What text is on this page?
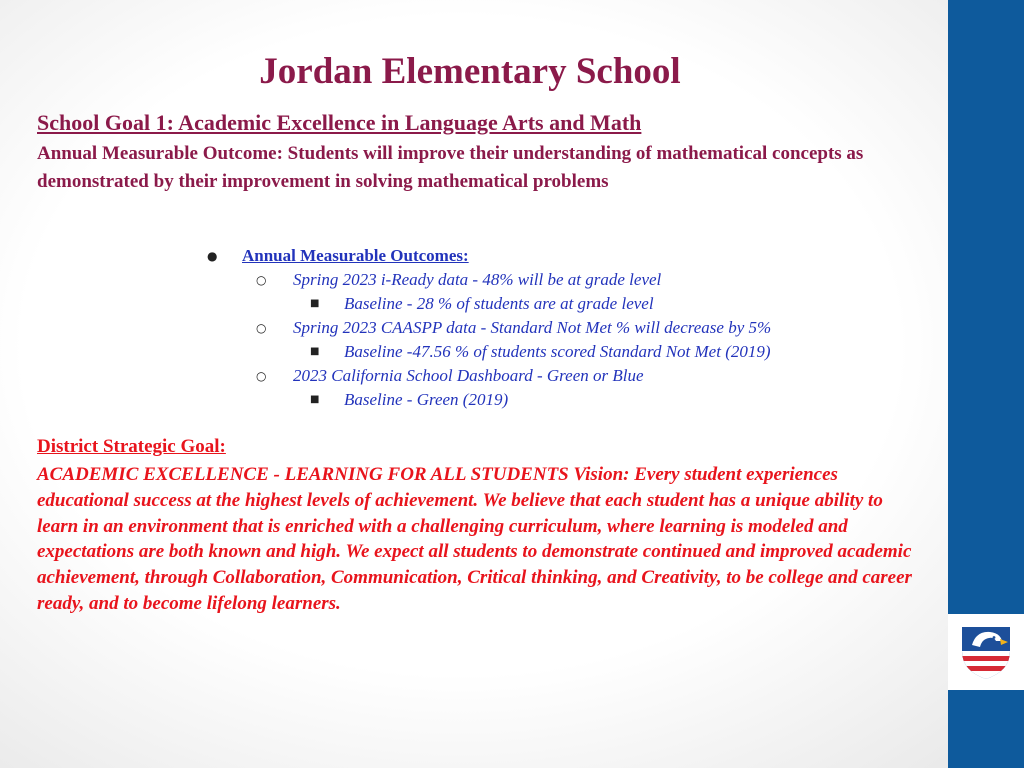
Jordan Elementary School
School Goal 1: Academic Excellence in Language Arts and Math
Annual Measurable Outcome: Students will improve their understanding of mathematical concepts as demonstrated by their improvement in solving mathematical problems
● Annual Measurable Outcomes:
○ Spring 2023 i-Ready data - 48% will be at grade level
■ Baseline - 28 % of students are at grade level
○ Spring 2023 CAASPP data - Standard Not Met % will decrease by 5%
■ Baseline -47.56 % of students scored Standard Not Met (2019)
○ 2023 California School Dashboard - Green or Blue
■ Baseline - Green (2019)
District Strategic Goal:
ACADEMIC EXCELLENCE - LEARNING FOR ALL STUDENTS Vision: Every student experiences educational success at the highest levels of achievement. We believe that each student has a unique ability to learn in an environment that is enriched with a challenging curriculum, where learning is modeled and expectations are both known and high. We expect all students to demonstrate continued and improved academic achievement, through Collaboration, Communication, Critical thinking, and Creativity, to be college and career ready, and to become lifelong learners.
